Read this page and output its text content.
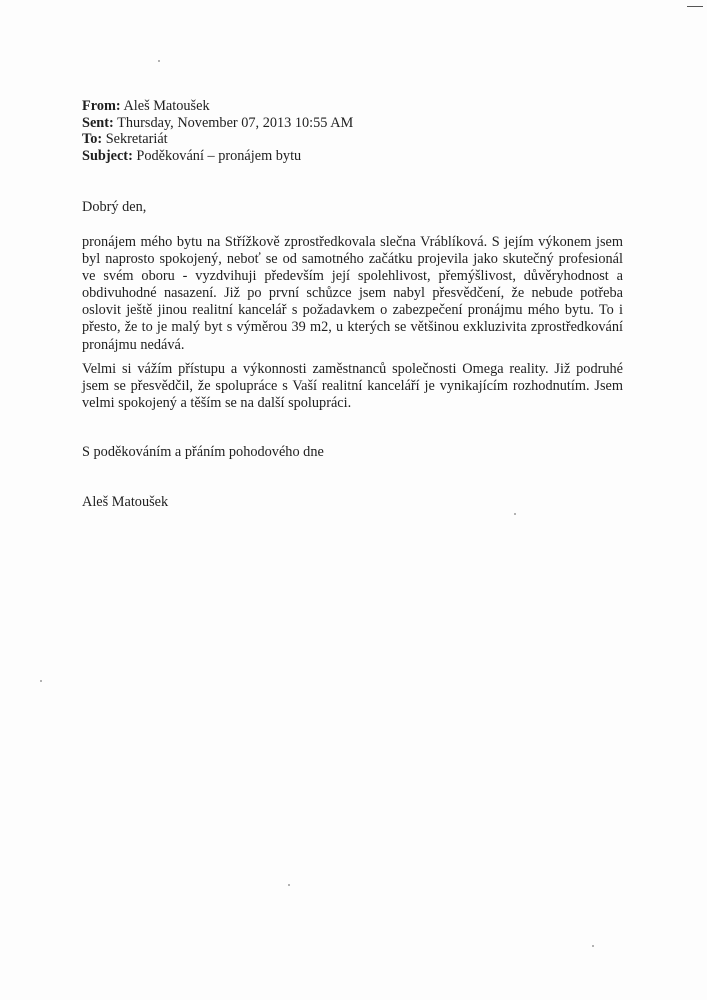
From: Aleš Matoušek
Sent: Thursday, November 07, 2013 10:55 AM
To: Sekretariát
Subject: Poděkování – pronájem bytu
Dobrý den,

pronájem mého bytu na Střížkově zprostředkovala slečna Vráblíková. S jejím výkonem jsem byl naprosto spokojený, neboť se od samotného začátku projevila jako skutečný profesionál ve svém oboru - vyzdvihuji především její spolehlivost, přemýšlivost, důvěryhodnost a obdivuhodné nasazení. Již po první schůzce jsem nabyl přesvědčení, že nebude potřeba oslovit ještě jinou realitní kancelář s požadavkem o zabezpečení pronájmu mého bytu. To i přesto, že to je malý byt s výměrou 39 m2, u kterých se většinou exkluzivita zprostředkování pronájmu nedává.

Velmi si vážím přístupu a výkonnosti zaměstnanců společnosti Omega reality. Již podruhé jsem se přesvědčil, že spolupráce s Vaší realitní kanceláří je vynikajícím rozhodnutím. Jsem velmi spokojený a těším se na další spolupráci.

S poděkováním a přáním pohodového dne
Aleš Matoušek
